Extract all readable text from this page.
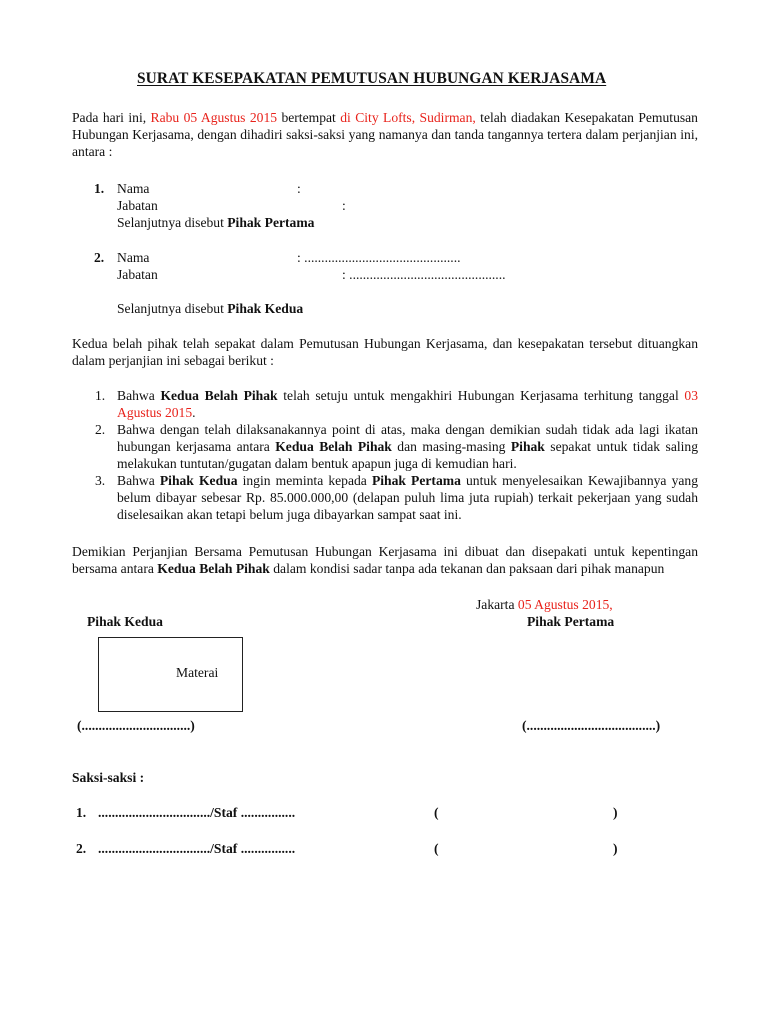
SURAT KESEPAKATAN PEMUTUSAN HUBUNGAN KERJASAMA
Pada hari ini, Rabu 05 Agustus 2015 bertempat di City Lofts, Sudirman, telah diadakan Kesepakatan Pemutusan Hubungan Kerjasama, dengan dihadiri saksi-saksi yang namanya dan tanda tangannya tertera dalam perjanjian ini, antara :
1. Nama	:
Jabatan	:
Selanjutnya disebut Pihak Pertama
2. Nama	: ..............................................
Jabatan	: ..............................................
Selanjutnya disebut Pihak Kedua
Kedua belah pihak telah sepakat dalam Pemutusan Hubungan Kerjasama, dan kesepakatan tersebut dituangkan dalam perjanjian ini sebagai berikut :
1. Bahwa Kedua Belah Pihak telah setuju untuk mengakhiri Hubungan Kerjasama terhitung tanggal 03 Agustus 2015.
2. Bahwa dengan telah dilaksanakannya point di atas, maka dengan demikian sudah tidak ada lagi ikatan hubungan kerjasama antara Kedua Belah Pihak dan masing-masing Pihak sepakat untuk tidak saling melakukan tuntutan/gugatan dalam bentuk apapun juga di kemudian hari.
3. Bahwa Pihak Kedua ingin meminta kepada Pihak Pertama untuk menyelesaikan Kewajibannya yang belum dibayar sebesar Rp. 85.000.000,00 (delapan puluh lima juta rupiah) terkait pekerjaan yang sudah diselesaikan akan tetapi belum juga dibayarkan sampat saat ini.
Demikian Perjanjian Bersama Pemutusan Hubungan Kerjasama ini dibuat dan disepakati untuk kepentingan bersama antara Kedua Belah Pihak dalam kondisi sadar tanpa ada tekanan dan paksaan dari pihak manapun
Jakarta 05 Agustus 2015,
Pihak Kedua	Pihak Pertama
Materai
(................................)	(......................................)
Saksi-saksi :
1. ................................./Staf ................	(	)
2. ................................./Staf ................	(	)
